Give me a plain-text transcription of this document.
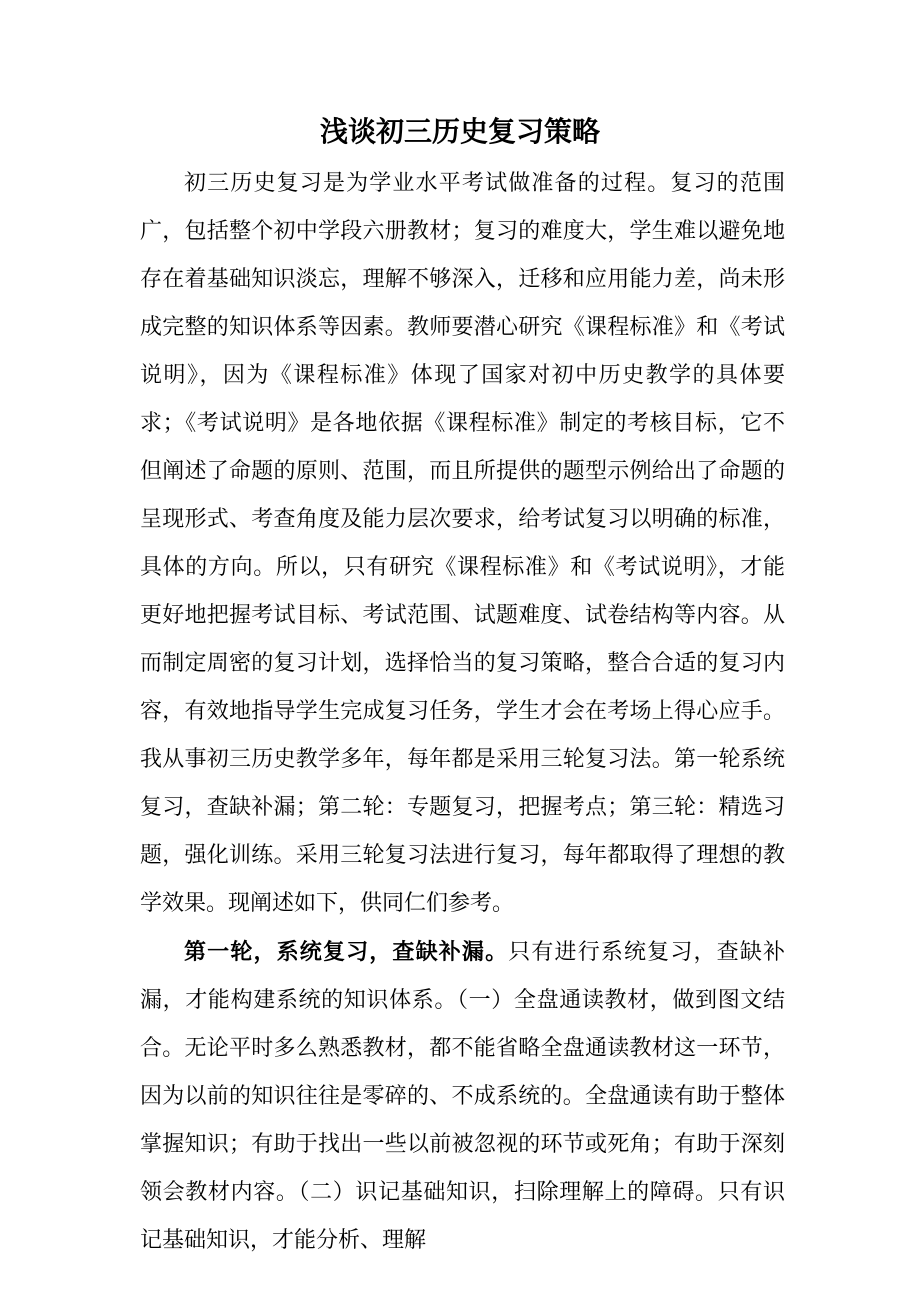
浅谈初三历史复习策略

初三历史复习是为学业水平考试做准备的过程。复习的范围广，包括整个初中学段六册教材；复习的难度大，学生难以避免地存在着基础知识淡忘，理解不够深入，迁移和应用能力差，尚未形成完整的知识体系等因素。教师要潜心研究《课程标准》和《考试说明》，因为《课程标准》体现了国家对初中历史教学的具体要求；《考试说明》是各地依据《课程标准》制定的考核目标，它不但阐述了命题的原则、范围，而且所提供的题型示例给出了命题的呈现形式、考查角度及能力层次要求，给考试复习以明确的标准，具体的方向。所以，只有研究《课程标准》和《考试说明》，才能更好地把握考试目标、考试范围、试题难度、试卷结构等内容。从而制定周密的复习计划，选择恰当的复习策略，整合合适的复习内容，有效地指导学生完成复习任务，学生才会在考场上得心应手。我从事初三历史教学多年，每年都是采用三轮复习法。第一轮系统复习，查缺补漏；第二轮：专题复习，把握考点；第三轮：精选习题，强化训练。采用三轮复习法进行复习，每年都取得了理想的教学效果。现阐述如下，供同仁们参考。

第一轮，系统复习，查缺补漏。只有进行系统复习，查缺补漏，才能构建系统的知识体系。（一）全盘通读教材，做到图文结合。无论平时多么熟悉教材，都不能省略全盘通读教材这一环节，因为以前的知识往往是零碎的、不成系统的。全盘通读有助于整体掌握知识；有助于找出一些以前被忽视的环节或死角；有助于深刻领会教材内容。（二）识记基础知识，扫除理解上的障碍。只有识记基础知识，才能分析、理解
